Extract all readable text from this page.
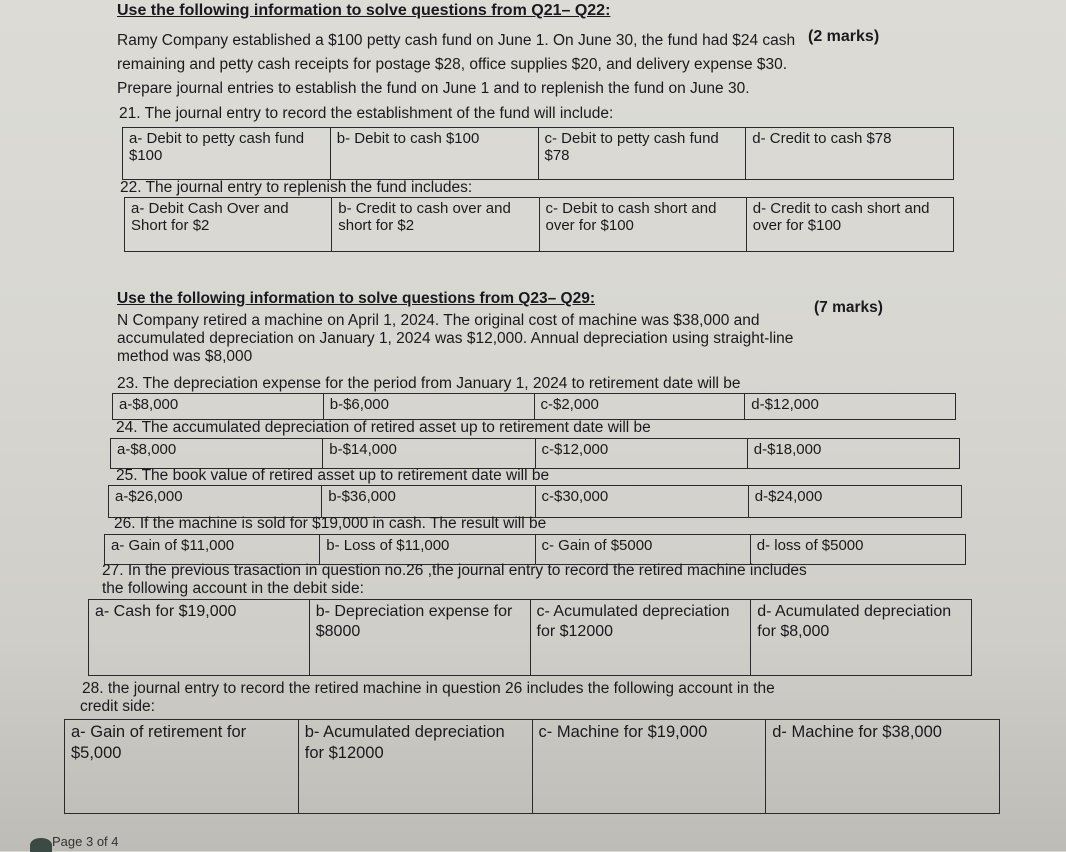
Use the following information to solve questions from Q21– Q22:
(2 marks)
Ramy Company established a $100 petty cash fund on June 1. On June 30, the fund had $24 cash
remaining and petty cash receipts for postage $28, office supplies $20, and delivery expense $30.
Prepare journal entries to establish the fund on June 1 and to replenish the fund on June 30.
21. The journal entry to record the establishment of the fund will include:
a- Debit to petty cash fund $100	b- Debit to cash $100	c- Debit to petty cash fund $78	d- Credit to cash $78
22. The journal entry to replenish the fund includes:
a- Debit Cash Over and Short for $2	b- Credit to cash over and short for $2	c- Debit to cash short and over for $100	d- Credit to cash short and over for $100
Use the following information to solve questions from Q23– Q29:
(7 marks)
N Company retired a machine on April 1, 2024. The original cost of machine was $38,000 and
accumulated depreciation on January 1, 2024 was $12,000. Annual depreciation using straight-line
method was $8,000
23. The depreciation expense for the period from January 1, 2024 to retirement date will be
a-$8,000	b-$6,000	c-$2,000	d-$12,000
24. The accumulated depreciation of retired asset up to retirement date will be
a-$8,000	b-$14,000	c-$12,000	d-$18,000
25. The book value of retired asset up to retirement date will be
a-$26,000	b-$36,000	c-$30,000	d-$24,000
26. If the machine is sold for $19,000 in cash. The result will be
a- Gain of $11,000	b- Loss of $11,000	c- Gain of $5000	d- loss of $5000
27. In the previous trasaction in question no.26 ,the journal entry to record the retired machine includes
the following account in the debit side:
a- Cash for $19,000	b- Depreciation expense for $8000	c- Acumulated depreciation for $12000	d- Acumulated depreciation for $8,000
28. the journal entry to record the retired machine in question 26 includes the following account in the
credit side:
a- Gain of retirement for $5,000	b- Acumulated depreciation for $12000	c- Machine for $19,000	d- Machine for $38,000
Page 3 of 4
